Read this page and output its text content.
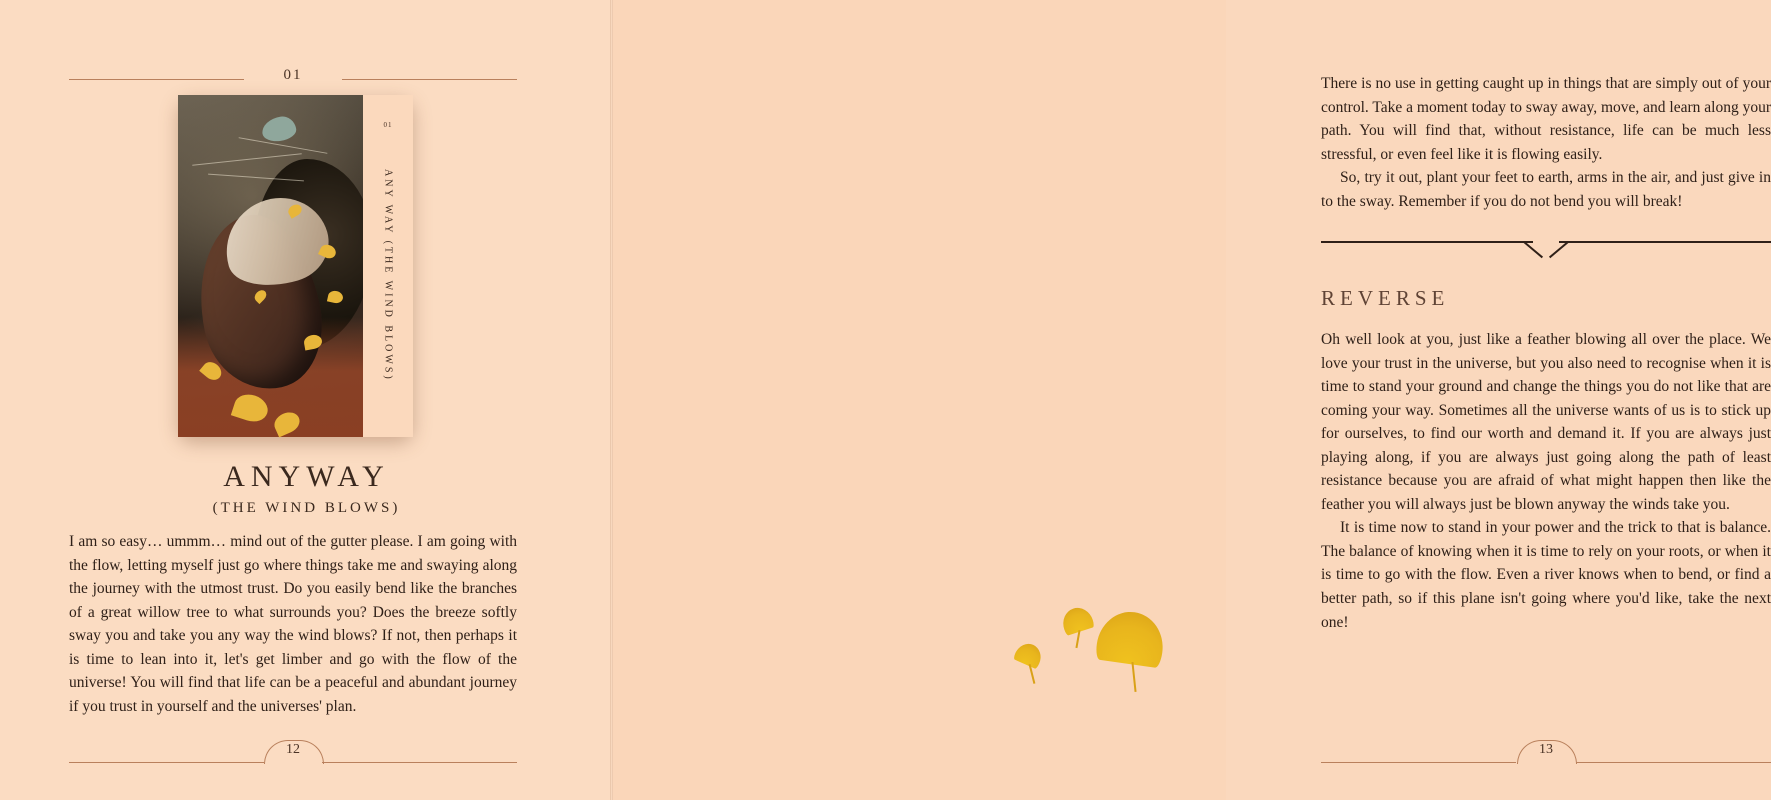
01
01
ANY WAY (THE WIND BLOWS)
ANYWAY
(THE WIND BLOWS)

I am so easy… ummm… mind out of the gutter please. I am going with the flow, letting myself just go where things take me and swaying along the journey with the utmost trust. Do you easily bend like the branches of a great willow tree to what surrounds you? Does the breeze softly sway you and take you any way the wind blows? If not, then perhaps it is time to lean into it, let's get limber and go with the flow of the universe! You will find that life can be a peaceful and abundant journey if you trust in yourself and the universes' plan.

12

There is no use in getting caught up in things that are simply out of your control. Take a moment today to sway away, move, and learn along your path. You will find that, without resistance, life can be much less stressful, or even feel like it is flowing easily.

So, try it out, plant your feet to earth, arms in the air, and just give in to the sway. Remember if you do not bend you will break!

REVERSE

Oh well look at you, just like a feather blowing all over the place. We love your trust in the universe, but you also need to recognise when it is time to stand your ground and change the things you do not like that are coming your way. Sometimes all the universe wants of us is to stick up for ourselves, to find our worth and demand it. If you are always just playing along, if you are always just going along the path of least resistance because you are afraid of what might happen then like the feather you will always just be blown anyway the winds take you.

It is time now to stand in your power and the trick to that is balance. The balance of knowing when it is time to rely on your roots, or when it is time to go with the flow. Even a river knows when to bend, or find a better path, so if this plane isn't going where you'd like, take the next one!

13
